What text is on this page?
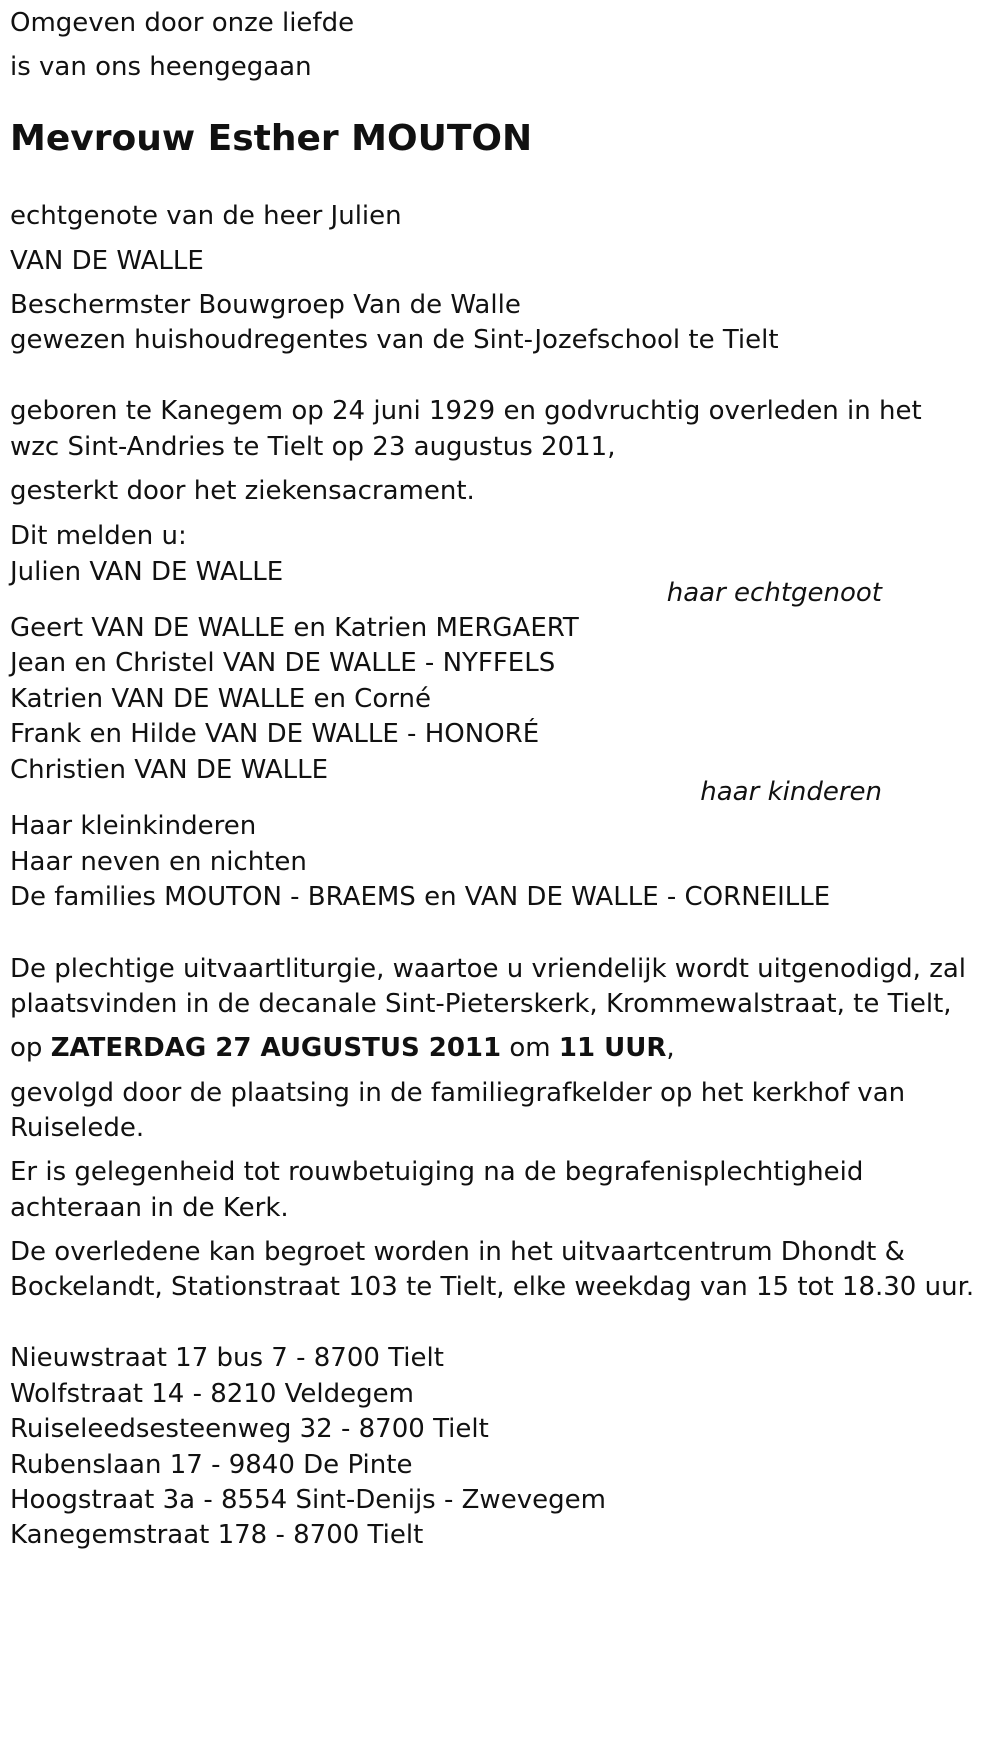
Omgeven door onze liefde

is van ons heengegaan

Mevrouw Esther MOUTON

echtgenote van de heer Julien

VAN DE WALLE

Beschermster Bouwgroep Van de Walle

gewezen huishoudregentes van de Sint-Jozefschool te Tielt

geboren te Kanegem op 24 juni 1929 en godvruchtig overleden in het

wzc Sint-Andries te Tielt op 23 augustus 2011,

gesterkt door het ziekensacrament.

Dit melden u:

Julien VAN DE WALLE

haar echtgenoot

Geert VAN DE WALLE en Katrien MERGAERT

Jean en Christel VAN DE WALLE - NYFFELS

Katrien VAN DE WALLE en Corné

Frank en Hilde VAN DE WALLE - HONORÉ

Christien VAN DE WALLE

haar kinderen

Haar kleinkinderen

Haar neven en nichten

De families MOUTON - BRAEMS en VAN DE WALLE - CORNEILLE

De plechtige uitvaartliturgie, waartoe u vriendelijk wordt uitgenodigd, zal

plaatsvinden in de decanale Sint-Pieterskerk, Krommewalstraat, te Tielt,

op ZATERDAG 27 AUGUSTUS 2011 om 11 UUR,

gevolgd door de plaatsing in de familiegrafkelder op het kerkhof van

Ruiselede.

Er is gelegenheid tot rouwbetuiging na de begrafenisplechtigheid

achteraan in de Kerk.

De overledene kan begroet worden in het uitvaartcentrum Dhondt &

Bockelandt, Stationstraat 103 te Tielt, elke weekdag van 15 tot 18.30 uur.

Nieuwstraat 17 bus 7 - 8700 Tielt

Wolfstraat 14 - 8210 Veldegem

Ruiseleedsesteenweg 32 - 8700 Tielt

Rubenslaan 17 - 9840 De Pinte

Hoogstraat 3a - 8554 Sint-Denijs - Zwevegem

Kanegemstraat 178 - 8700 Tielt
